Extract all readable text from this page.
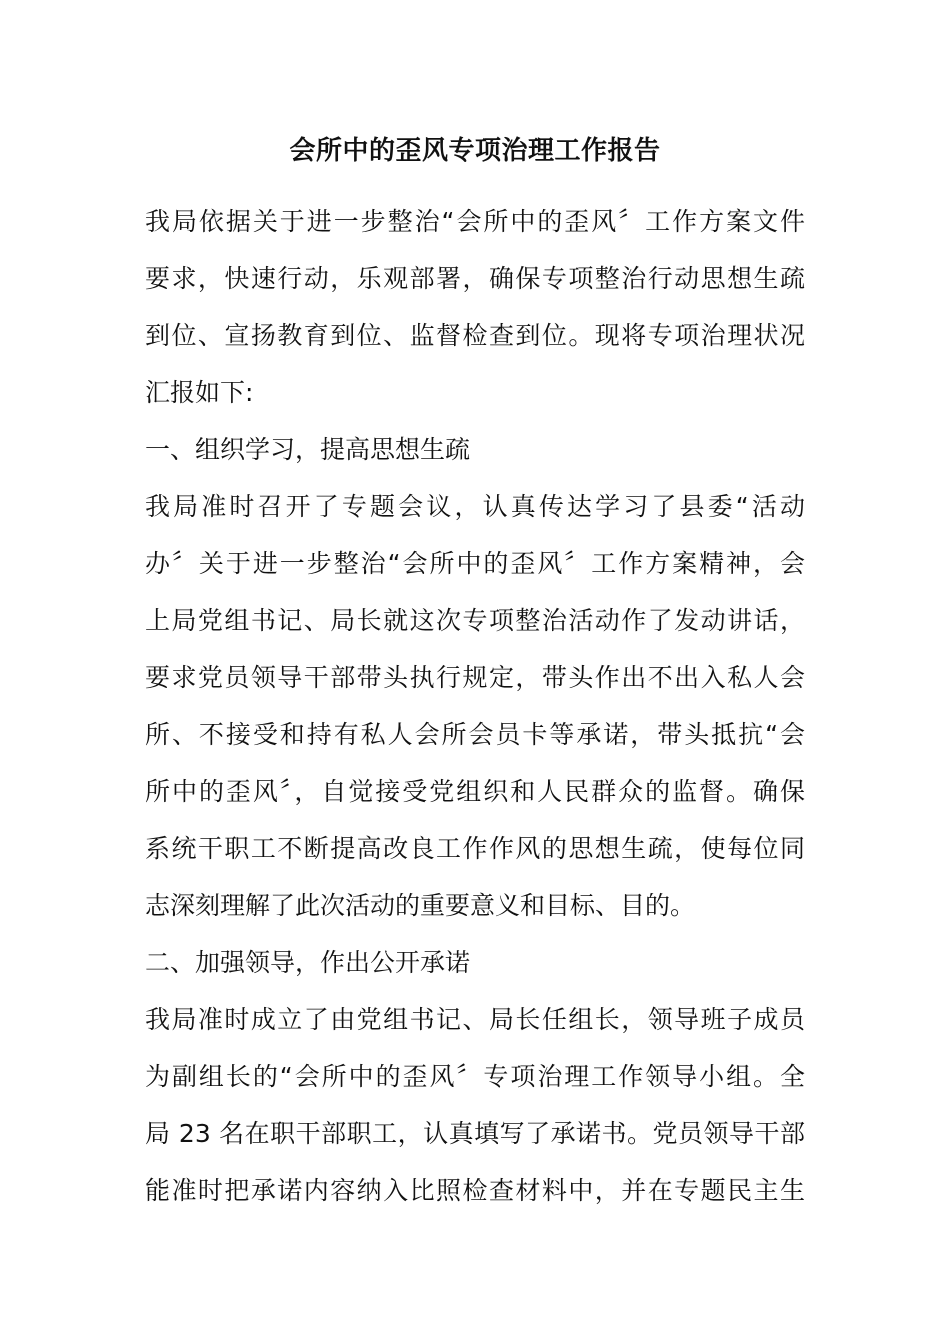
会所中的歪风专项治理工作报告
我局依据关于进一步整治“会所中的歪风〞工作方案文件
要求，快速行动，乐观部署，确保专项整治行动思想生疏
到位、宣扬教育到位、监督检查到位。现将专项治理状况
汇报如下:
一、组织学习，提高思想生疏
我局准时召开了专题会议，认真传达学习了县委“活动
办〞关于进一步整治“会所中的歪风〞工作方案精神，会
上局党组书记、局长就这次专项整治活动作了发动讲话，
要求党员领导干部带头执行规定，带头作出不出入私人会
所、不接受和持有私人会所会员卡等承诺，带头抵抗“会
所中的歪风〞，自觉接受党组织和人民群众的监督。确保
系统干职工不断提高改良工作作风的思想生疏，使每位同
志深刻理解了此次活动的重要意义和目标、目的。
二、加强领导，作出公开承诺
我局准时成立了由党组书记、局长任组长，领导班子成员
为副组长的“会所中的歪风〞专项治理工作领导小组。全
局 23 名在职干部职工，认真填写了承诺书。党员领导干部
能准时把承诺内容纳入比照检查材料中，并在专题民主生
